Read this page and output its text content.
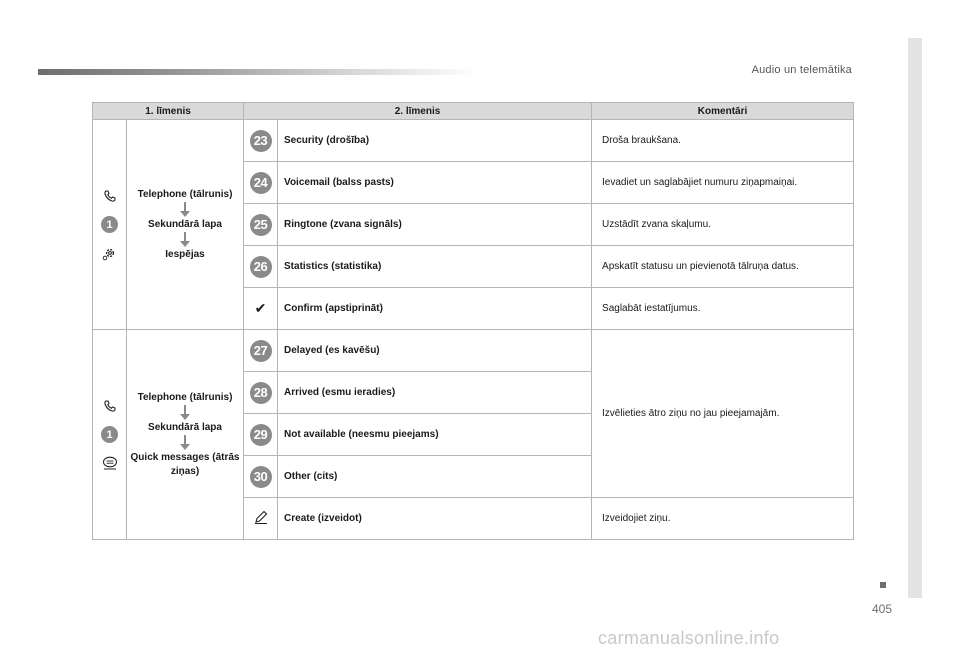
Audio un telemātika
1. līmenis		2. līmenis		Komentāri

1	Telephone (tālrunis)
Sekundārā lapa
Iespējas	23	Security (drošība)	Droša braukšana.
		24	Voicemail (balss pasts)	Ievadiet un saglabājiet numuru ziņapmaiņai.
		25	Ringtone (zvana signāls)	Uzstādīt zvana skaļumu.
		26	Statistics (statistika)	Apskatīt statusu un pievienotā tālruņa datus.
		✔	Confirm (apstiprināt)	Saglabāt iestatījumus.

1	Telephone (tālrunis)
Sekundārā lapa
Quick messages (ātrās ziņas)	27	Delayed (es kavēšu)	Izvēlieties ātro ziņu no jau pieejamajām.
		28	Arrived (esmu ieradies)	
		29	Not available (neesmu pieejams)	
		30	Other (cits)	

	Create (izveidot)	Izveidojiet ziņu.
405
carmanualsonline.info
